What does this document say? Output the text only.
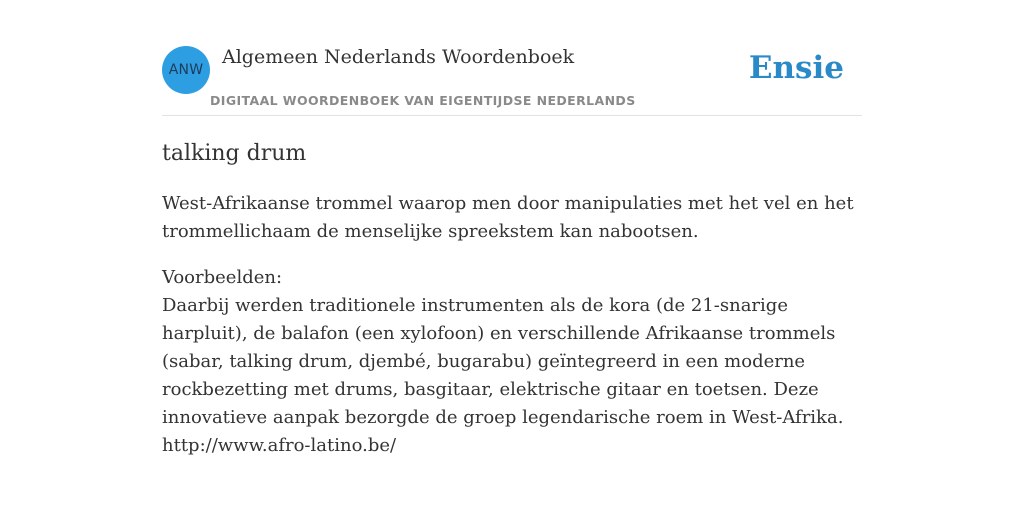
ANW
Algemeen Nederlands Woordenboek
DIGITAAL WOORDENBOEK VAN EIGENTIJDSE NEDERLANDS
Ensie
talking drum

West-Afrikaanse trommel waarop men door manipulaties met het vel en het trommellichaam de menselijke spreekstem kan nabootsen.

Voorbeelden:
Daarbij werden traditionele instrumenten als de kora (de 21-snarige harpluit), de balafon (een xylofoon) en verschillende Afrikaanse trommels (sabar, talking drum, djembé, bugarabu) geïntegreerd in een moderne rockbezetting met drums, basgitaar, elektrische gitaar en toetsen. Deze innovatieve aanpak bezorgde de groep legendarische roem in West-Afrika.
http://www.afro-latino.be/
